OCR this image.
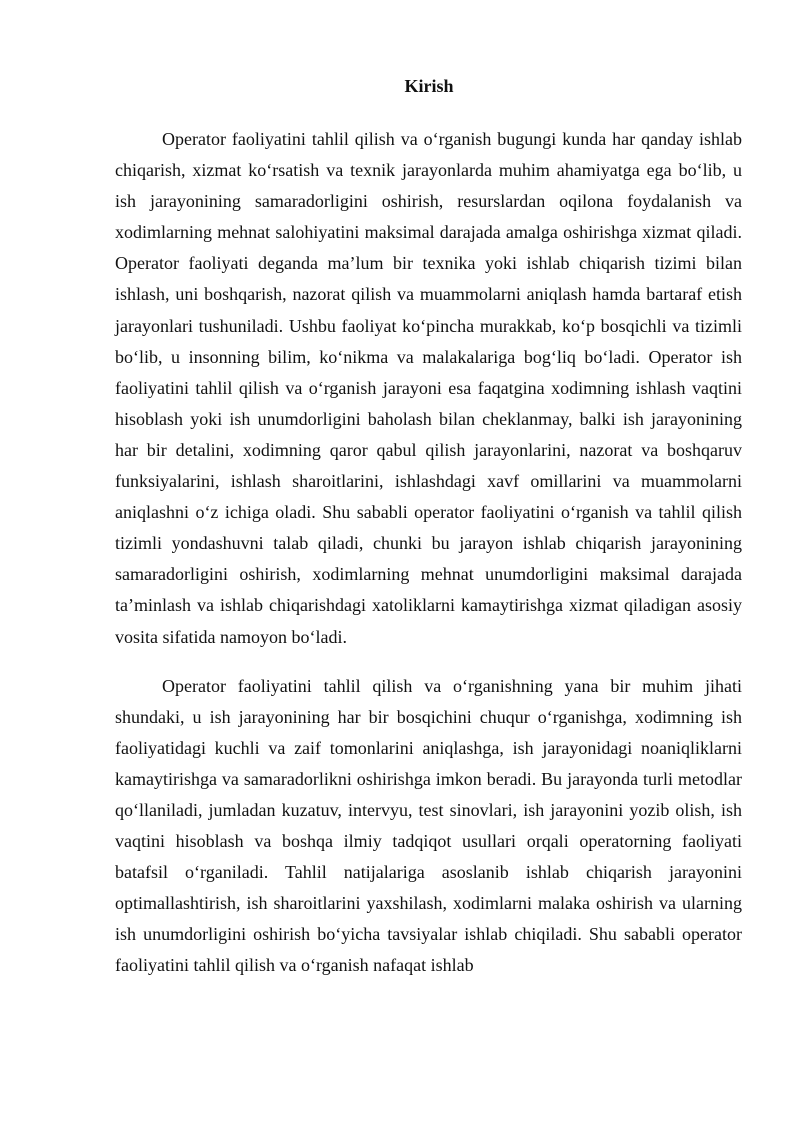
Kirish

Operator faoliyatini tahlil qilish va o‘rganish bugungi kunda har qanday ishlab chiqarish, xizmat ko‘rsatish va texnik jarayonlarda muhim ahamiyatga ega bo‘lib, u ish jarayonining samaradorligini oshirish, resurslardan oqilona foydalanish va xodimlarning mehnat salohiyatini maksimal darajada amalga oshirishga xizmat qiladi. Operator faoliyati deganda ma’lum bir texnika yoki ishlab chiqarish tizimi bilan ishlash, uni boshqarish, nazorat qilish va muammolarni aniqlash hamda bartaraf etish jarayonlari tushuniladi. Ushbu faoliyat ko‘pincha murakkab, ko‘p bosqichli va tizimli bo‘lib, u insonning bilim, ko‘nikma va malakalariga bog‘liq bo‘ladi. Operator ish faoliyatini tahlil qilish va o‘rganish jarayoni esa faqatgina xodimning ishlash vaqtini hisoblash yoki ish unumdorligini baholash bilan cheklanmay, balki ish jarayonining har bir detalini, xodimning qaror qabul qilish jarayonlarini, nazorat va boshqaruv funksiyalarini, ishlash sharoitlarini, ishlashdagi xavf omillarini va muammolarni aniqlashni o‘z ichiga oladi. Shu sababli operator faoliyatini o‘rganish va tahlil qilish tizimli yondashuvni talab qiladi, chunki bu jarayon ishlab chiqarish jarayonining samaradorligini oshirish, xodimlarning mehnat unumdorligini maksimal darajada ta’minlash va ishlab chiqarishdagi xatoliklarni kamaytirishga xizmat qiladigan asosiy vosita sifatida namoyon bo‘ladi.

Operator faoliyatini tahlil qilish va o‘rganishning yana bir muhim jihati shundaki, u ish jarayonining har bir bosqichini chuqur o‘rganishga, xodimning ish faoliyatidagi kuchli va zaif tomonlarini aniqlashga, ish jarayonidagi noaniqliklarni kamaytirishga va samaradorlikni oshirishga imkon beradi. Bu jarayonda turli metodlar qo‘llaniladi, jumladan kuzatuv, intervyu, test sinovlari, ish jarayonini yozib olish, ish vaqtini hisoblash va boshqa ilmiy tadqiqot usullari orqali operatorning faoliyati batafsil o‘rganiladi. Tahlil natijalariga asoslanib ishlab chiqarish jarayonini optimallashtirish, ish sharoitlarini yaxshilash, xodimlarni malaka oshirish va ularning ish unumdorligini oshirish bo‘yicha tavsiyalar ishlab chiqiladi. Shu sababli operator faoliyatini tahlil qilish va o‘rganish nafaqat ishlab
